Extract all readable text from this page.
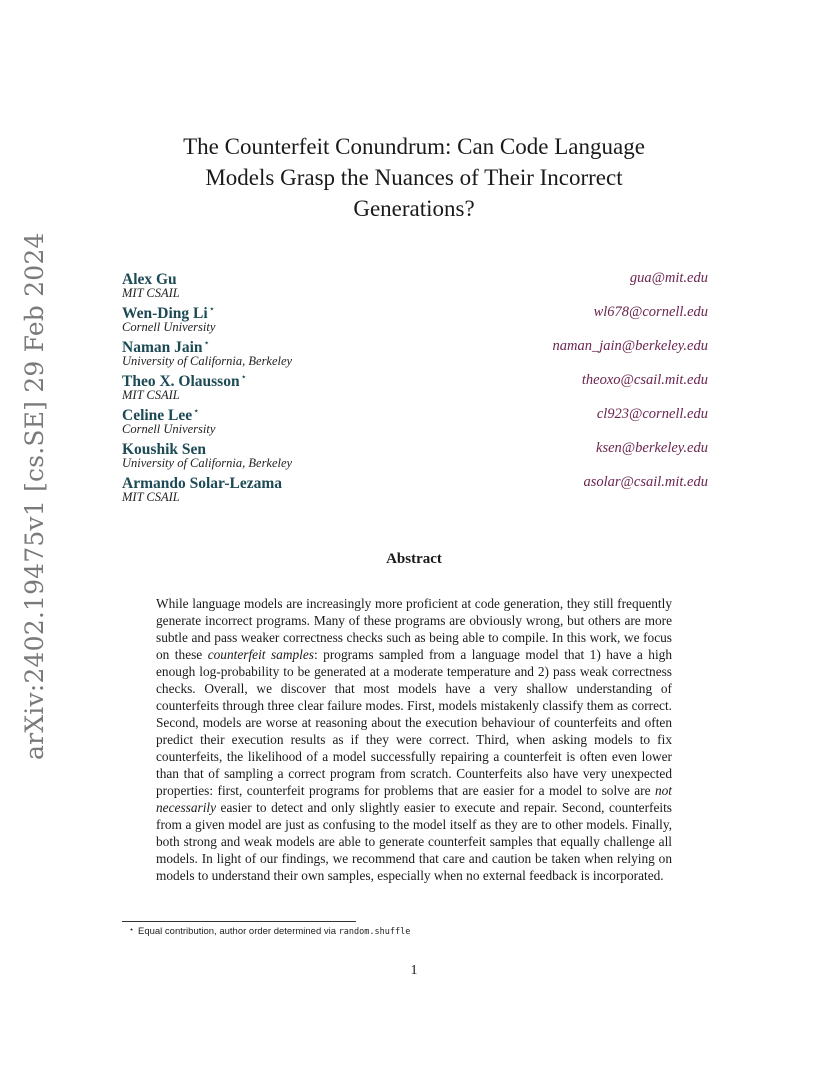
arXiv:2402.19475v1 [cs.SE] 29 Feb 2024
The Counterfeit Conundrum: Can Code Language
Models Grasp the Nuances of Their Incorrect
Generations?
Alex Gu
MIT CSAIL
gua@mit.edu
Wen-Ding Li⋆
Cornell University
wl678@cornell.edu
Naman Jain⋆
University of California, Berkeley
naman_jain@berkeley.edu
Theo X. Olausson⋆
MIT CSAIL
theoxo@csail.mit.edu
Celine Lee⋆
Cornell University
cl923@cornell.edu
Koushik Sen
University of California, Berkeley
ksen@berkeley.edu
Armando Solar-Lezama
MIT CSAIL
asolar@csail.mit.edu
Abstract

While language models are increasingly more proficient at code generation, they still frequently generate incorrect programs. Many of these programs are obviously wrong, but others are more subtle and pass weaker correctness checks such as being able to compile. In this work, we focus on these counterfeit samples: programs sampled from a language model that 1) have a high enough log-probability to be generated at a moderate temperature and 2) pass weak correctness checks. Overall, we discover that most models have a very shallow understanding of counterfeits through three clear failure modes. First, models mistakenly classify them as correct. Second, models are worse at reasoning about the execution behaviour of counterfeits and often predict their execution results as if they were correct. Third, when asking models to fix counterfeits, the likelihood of a model successfully repairing a counterfeit is often even lower than that of sampling a correct program from scratch. Counterfeits also have very unexpected properties: first, counterfeit programs for problems that are easier for a model to solve are not necessarily easier to detect and only slightly easier to execute and repair. Second, counterfeits from a given model are just as confusing to the model itself as they are to other models. Finally, both strong and weak models are able to generate counterfeit samples that equally challenge all models. In light of our findings, we recommend that care and caution be taken when relying on models to understand their own samples, especially when no external feedback is incorporated.

⋆ Equal contribution, author order determined via random.shuffle
1
